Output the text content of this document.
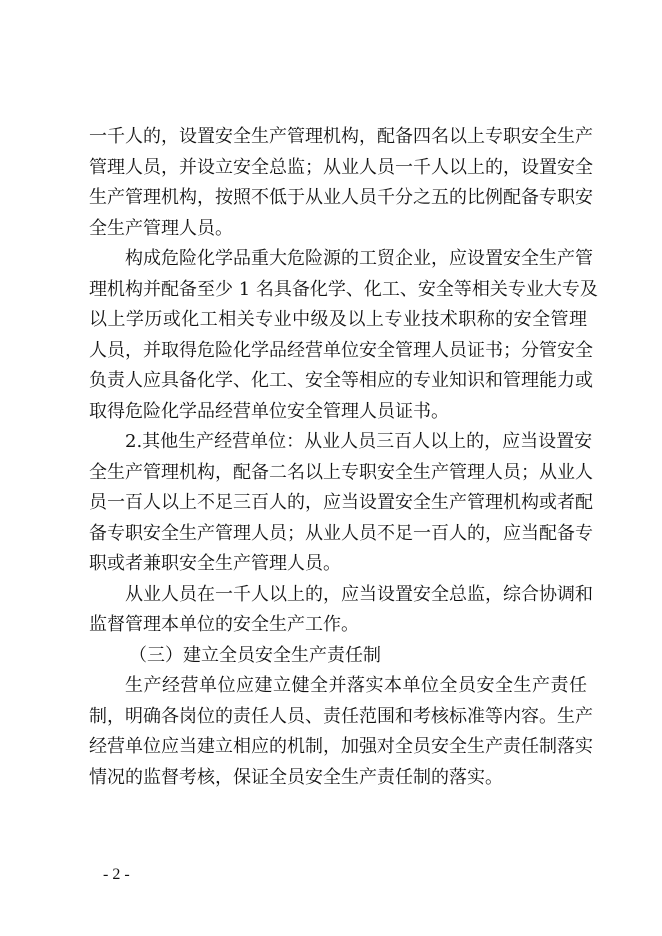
一千人的，设置安全生产管理机构，配备四名以上专职安全生产
管理人员，并设立安全总监；从业人员一千人以上的，设置安全
生产管理机构，按照不低于从业人员千分之五的比例配备专职安
全生产管理人员。
构成危险化学品重大危险源的工贸企业，应设置安全生产管
理机构并配备至少 1 名具备化学、化工、安全等相关专业大专及
以上学历或化工相关专业中级及以上专业技术职称的安全管理
人员，并取得危险化学品经营单位安全管理人员证书；分管安全
负责人应具备化学、化工、安全等相应的专业知识和管理能力或
取得危险化学品经营单位安全管理人员证书。
2.其他生产经营单位：从业人员三百人以上的，应当设置安
全生产管理机构，配备二名以上专职安全生产管理人员；从业人
员一百人以上不足三百人的，应当设置安全生产管理机构或者配
备专职安全生产管理人员；从业人员不足一百人的，应当配备专
职或者兼职安全生产管理人员。
从业人员在一千人以上的，应当设置安全总监，综合协调和
监督管理本单位的安全生产工作。
（三）建立全员安全生产责任制
生产经营单位应建立健全并落实本单位全员安全生产责任
制，明确各岗位的责任人员、责任范围和考核标准等内容。生产
经营单位应当建立相应的机制，加强对全员安全生产责任制落实
情况的监督考核，保证全员安全生产责任制的落实。
- 2 -
